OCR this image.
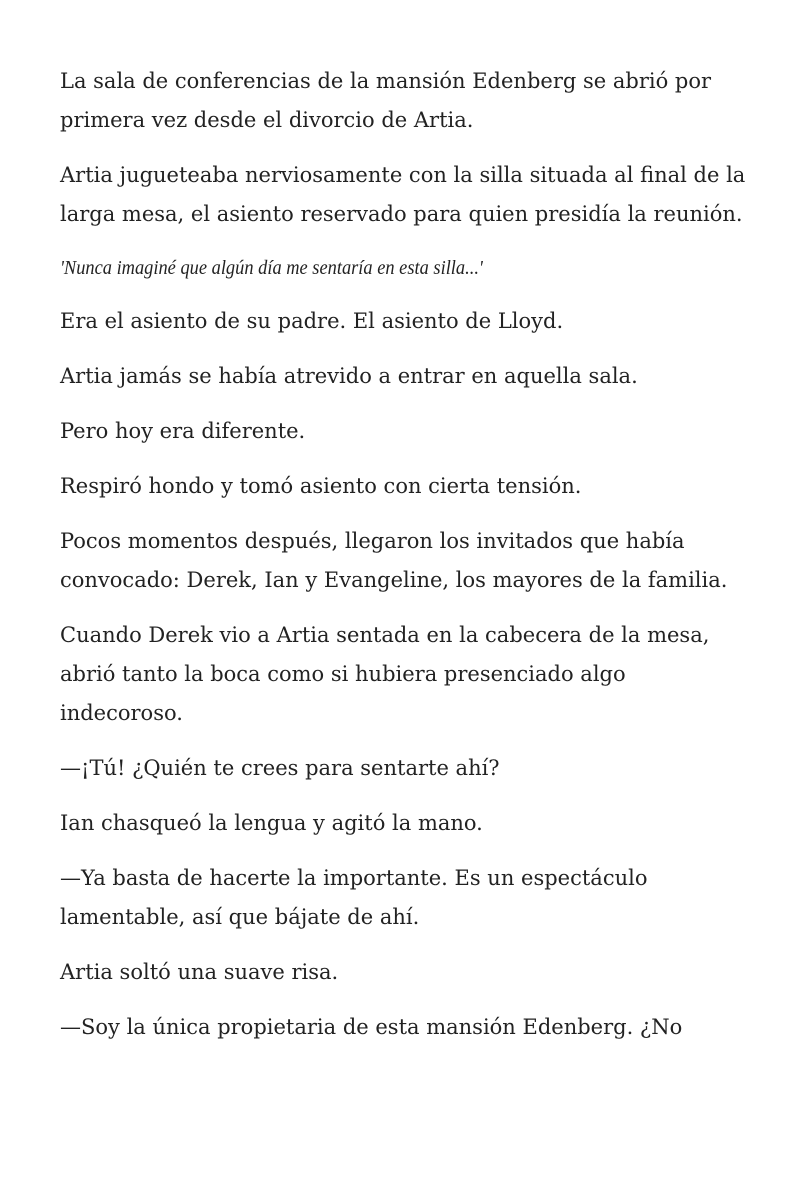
La sala de conferencias de la mansión Edenberg se abrió por primera vez desde el divorcio de Artia.

Artia jugueteaba nerviosamente con la silla situada al final de la larga mesa, el asiento reservado para quien presidía la reunión.

'Nunca imaginé que algún día me sentaría en esta silla...'

Era el asiento de su padre. El asiento de Lloyd.

Artia jamás se había atrevido a entrar en aquella sala.

Pero hoy era diferente.

Respiró hondo y tomó asiento con cierta tensión.

Pocos momentos después, llegaron los invitados que había convocado: Derek, Ian y Evangeline, los mayores de la familia.

Cuando Derek vio a Artia sentada en la cabecera de la mesa, abrió tanto la boca como si hubiera presenciado algo indecoroso.

—¡Tú! ¿Quién te crees para sentarte ahí?

Ian chasqueó la lengua y agitó la mano.

—Ya basta de hacerte la importante. Es un espectáculo lamentable, así que bájate de ahí.

Artia soltó una suave risa.

—Soy la única propietaria de esta mansión Edenberg. ¿No
